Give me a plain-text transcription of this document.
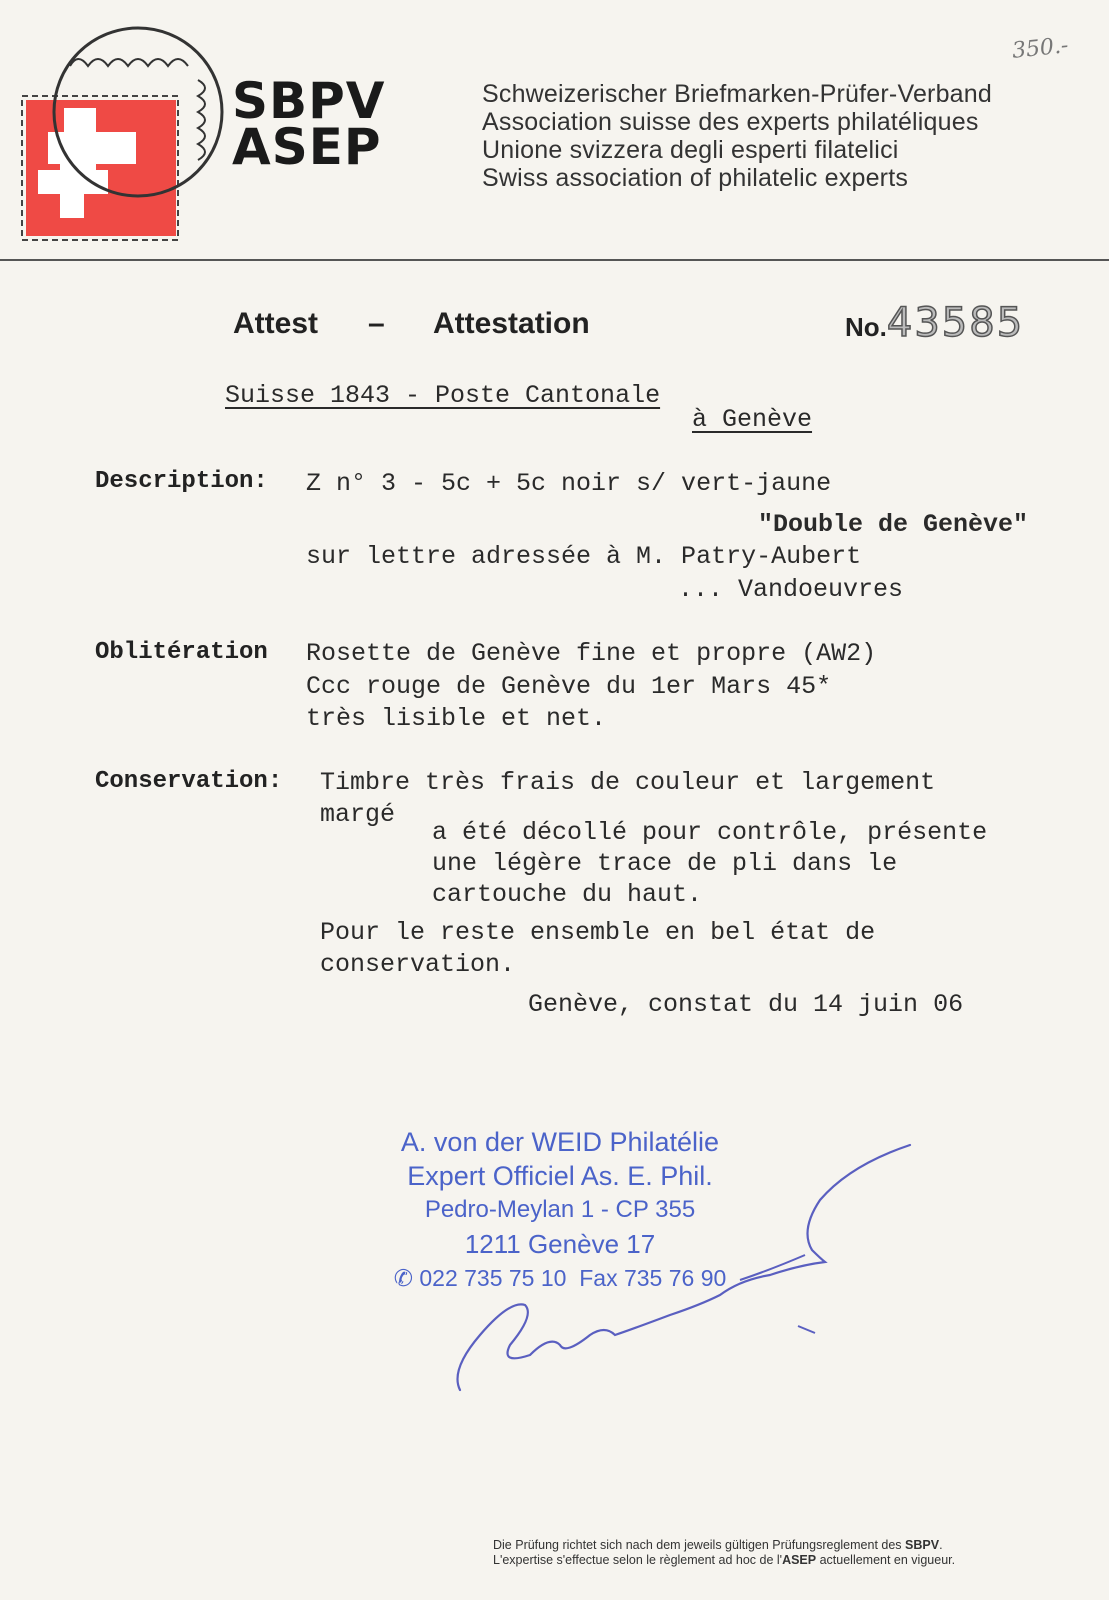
SBPV
ASEP
Schweizerischer Briefmarken-Prüfer-Verband
Association suisse des experts philatéliques
Unione svizzera degli esperti filatelici
Swiss association of philatelic experts
350.-
Attest – Attestation	No.43585
Suisse 1843 - Poste Cantonale
à Genève
Description: Z n° 3 - 5c + 5c noir s/ vert-jaune
"Double de Genève"
sur lettre adressée à M. Patry-Aubert
... Vandoeuvres
Oblitération Rosette de Genève fine et propre (AW2)
Ccc rouge de Genève du 1er Mars 45*
très lisible et net.
Conservation: Timbre très frais de couleur et largement
margé
a été décollé pour contrôle, présente
une légère trace de pli dans le
cartouche du haut.
Pour le reste ensemble en bel état de
conservation.
Genève, constat du 14 juin 06
A. von der WEID Philatélie
Expert Officiel As. E. Phil.
Pedro-Meylan 1 - CP 355
1211 Genève 17
✆ 022 735 75 10  Fax 735 76 90
Die Prüfung richtet sich nach dem jeweils gültigen Prüfungsreglement des SBPV.
L'expertise s'effectue selon le règlement ad hoc de l'ASEP actuellement en vigueur.
